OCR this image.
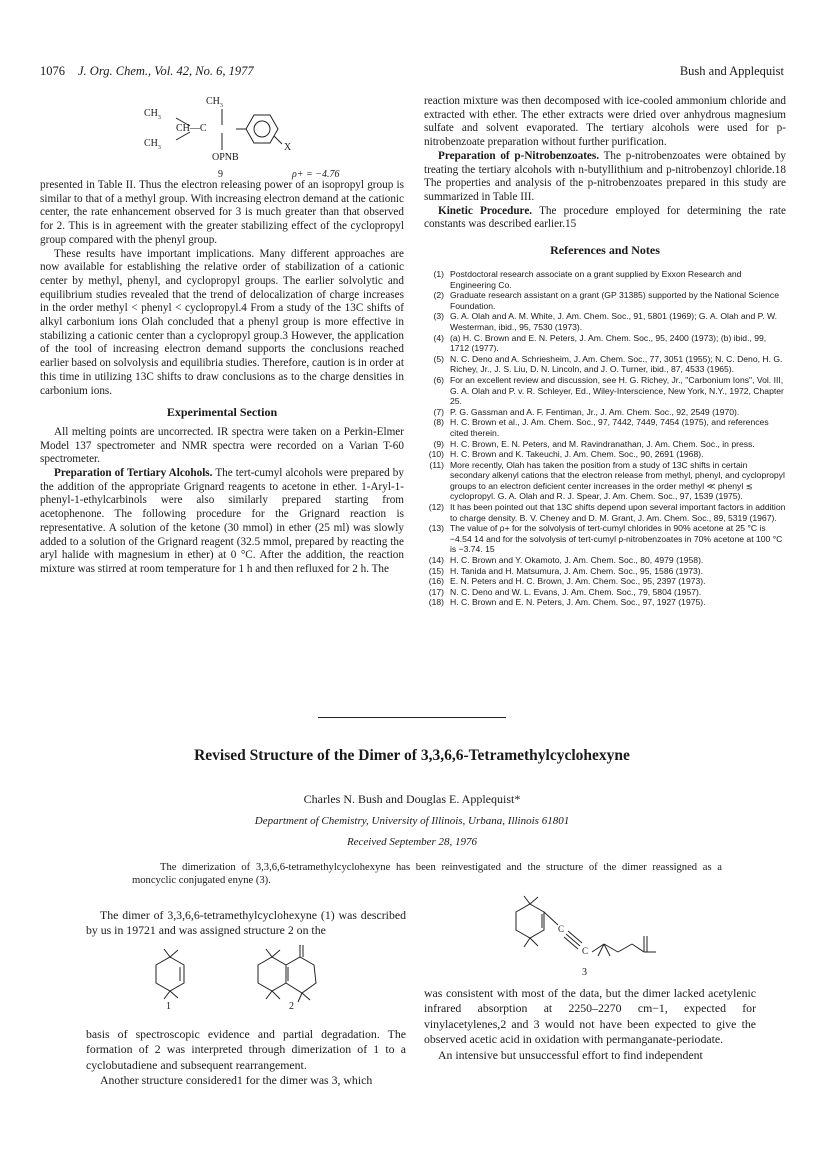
1076 J. Org. Chem., Vol. 42, No. 6, 1977	Bush and Applequist
$CH_3$
$CH_3$
CH—C
$CH_3$	X
OPNB
9	ρ+ = −4.76

presented in Table II. Thus the electron releasing power of an isopropyl group is similar to that of a methyl group. With increasing electron demand at the cationic center, the rate enhancement observed for 3 is much greater than that observed for 2. This is in agreement with the greater stabilizing effect of the cyclopropyl group compared with the phenyl group.

These results have important implications. Many different approaches are now available for establishing the relative order of stabilization of a cationic center by methyl, phenyl, and cyclopropyl groups. The earlier solvolytic and equilibrium studies revealed that the trend of delocalization of charge increases in the order methyl < phenyl < cyclopropyl.4 From a study of the 13C shifts of alkyl carbonium ions Olah concluded that a phenyl group is more effective in stabilizing a cationic center than a cyclopropyl group.3 However, the application of the tool of increasing electron demand supports the conclusions reached earlier based on solvolysis and equilibria studies. Therefore, caution is in order at this time in utilizing 13C shifts to draw conclusions as to the charge densities in carbonium ions.

Experimental Section

All melting points are uncorrected. IR spectra were taken on a Perkin-Elmer Model 137 spectrometer and NMR spectra were recorded on a Varian T-60 spectrometer.

Preparation of Tertiary Alcohols. The tert-cumyl alcohols were prepared by the addition of the appropriate Grignard reagents to acetone in ether. 1-Aryl-1-phenyl-1-ethylcarbinols were also similarly prepared starting from acetophenone. The following procedure for the Grignard reaction is representative. A solution of the ketone (30 mmol) in ether (25 ml) was slowly added to a solution of the Grignard reagent (32.5 mmol, prepared by reacting the aryl halide with magnesium in ether) at 0 °C. After the addition, the reaction mixture was stirred at room temperature for 1 h and then refluxed for 2 h. The

reaction mixture was then decomposed with ice-cooled ammonium chloride and extracted with ether. The ether extracts were dried over anhydrous magnesium sulfate and solvent evaporated. The tertiary alcohols were used for p-nitrobenzoate preparation without further purification.

Preparation of p-Nitrobenzoates. The p-nitrobenzoates were obtained by treating the tertiary alcohols with n-butyllithium and p-nitrobenzoyl chloride.18 The properties and analysis of the p-nitrobenzoates prepared in this study are summarized in Table III.

Kinetic Procedure. The procedure employed for determining the rate constants was described earlier.15

References and Notes
(1) Postdoctoral research associate on a grant supplied by Exxon Research and Engineering Co.
(2) Graduate research assistant on a grant (GP 31385) supported by the National Science Foundation.
(3) G. A. Olah and A. M. White, J. Am. Chem. Soc., 91, 5801 (1969); G. A. Olah and P. W. Westerman, ibid., 95, 7530 (1973).
(4) (a) H. C. Brown and E. N. Peters, J. Am. Chem. Soc., 95, 2400 (1973); (b) ibid., 99, 1712 (1977).
(5) N. C. Deno and A. Schriesheim, J. Am. Chem. Soc., 77, 3051 (1955); N. C. Deno, H. G. Richey, Jr., J. S. Liu, D. N. Lincoln, and J. O. Turner, ibid., 87, 4533 (1965).
(6) For an excellent review and discussion, see H. G. Richey, Jr., "Carbonium Ions", Vol. III, G. A. Olah and P. v. R. Schleyer, Ed., Wiley-Interscience, New York, N.Y., 1972, Chapter 25.
(7) P. G. Gassman and A. F. Fentiman, Jr., J. Am. Chem. Soc., 92, 2549 (1970).
(8) H. C. Brown et al., J. Am. Chem. Soc., 97, 7442, 7449, 7454 (1975), and references cited therein.
(9) H. C. Brown, E. N. Peters, and M. Ravindranathan, J. Am. Chem. Soc., in press.
(10) H. C. Brown and K. Takeuchi, J. Am. Chem. Soc., 90, 2691 (1968).
(11) More recently, Olah has taken the position from a study of 13C shifts in certain secondary alkenyl cations that the electron release from methyl, phenyl, and cyclopropyl groups to an electron deficient center increases in the order methyl ≪ phenyl ≲ cyclopropyl. G. A. Olah and R. J. Spear, J. Am. Chem. Soc., 97, 1539 (1975).
(12) It has been pointed out that 13C shifts depend upon several important factors in addition to charge density. B. V. Cheney and D. M. Grant, J. Am. Chem. Soc., 89, 5319 (1967).
(13) The value of ρ+ for the solvolysis of tert-cumyl chlorides in 90% acetone at 25 °C is −4.54 14 and for the solvolysis of tert-cumyl p-nitrobenzoates in 70% acetone at 100 °C is −3.74. 15
(14) H. C. Brown and Y. Okamoto, J. Am. Chem. Soc., 80, 4979 (1958).
(15) H. Tanida and H. Matsumura, J. Am. Chem. Soc., 95, 1586 (1973).
(16) E. N. Peters and H. C. Brown, J. Am. Chem. Soc., 95, 2397 (1973).
(17) N. C. Deno and W. L. Evans, J. Am. Chem. Soc., 79, 5804 (1957).
(18) H. C. Brown and E. N. Peters, J. Am. Chem. Soc., 97, 1927 (1975).
Revised Structure of the Dimer of 3,3,6,6-Tetramethylcyclohexyne
Charles N. Bush and Douglas E. Applequist*
Department of Chemistry, University of Illinois, Urbana, Illinois 61801
Received September 28, 1976
The dimerization of 3,3,6,6-tetramethylcyclohexyne has been reinvestigated and the structure of the dimer reassigned as a moncyclic conjugated enyne (3).

The dimer of 3,3,6,6-tetramethylcyclohexyne (1) was described by us in 19721 and was assigned structure 2 on the

1	2

basis of spectroscopic evidence and partial degradation. The formation of 2 was interpreted through dimerization of 1 to a cyclobutadiene and subsequent rearrangement.

Another structure considered1 for the dimer was 3, which

C
C
3

was consistent with most of the data, but the dimer lacked acetylenic infrared absorption at 2250–2270 cm−1, expected for vinylacetylenes,2 and 3 would not have been expected to give the observed acetic acid in oxidation with permanganate-periodate.

An intensive but unsuccessful effort to find independent
